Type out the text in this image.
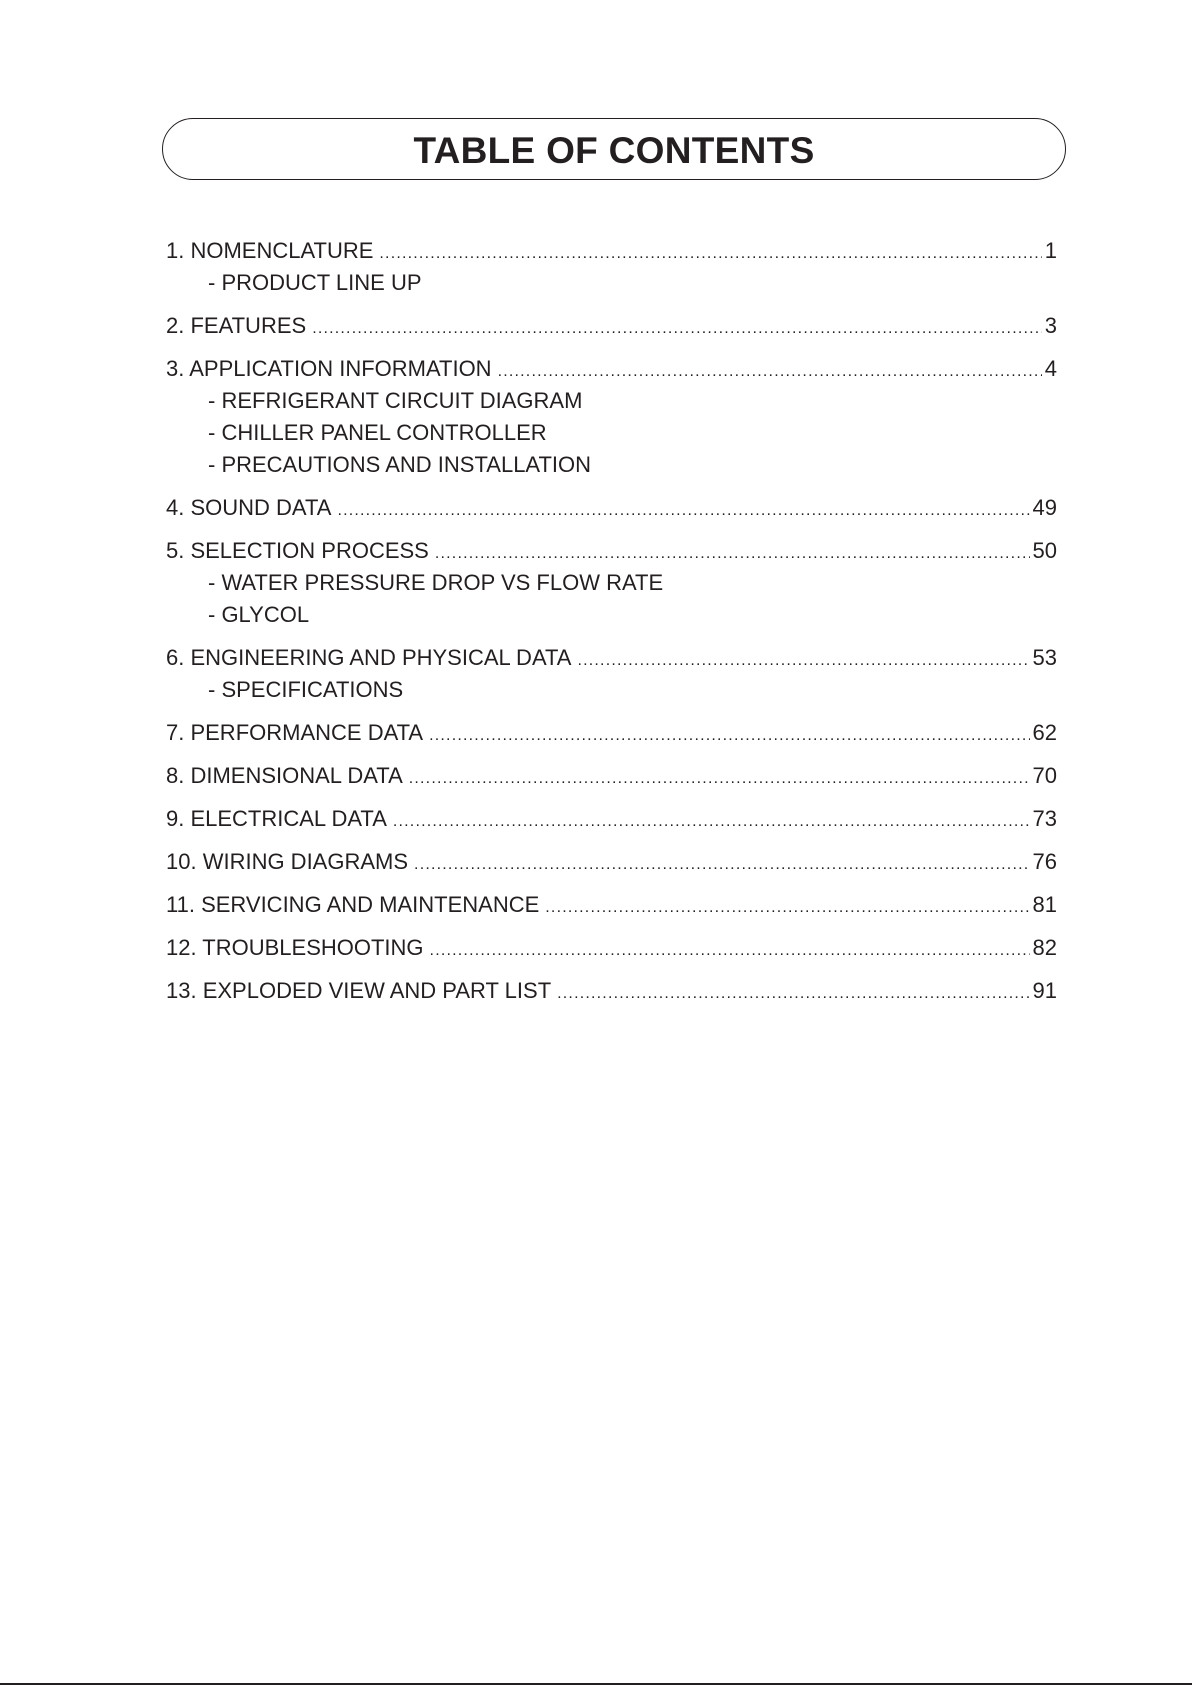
TABLE OF CONTENTS
1. NOMENCLATURE .....	1
- PRODUCT LINE UP
2. FEATURES .....	3
3. APPLICATION INFORMATION .....	4
- REFRIGERANT CIRCUIT DIAGRAM
- CHILLER PANEL CONTROLLER
- PRECAUTIONS AND INSTALLATION
4. SOUND DATA .....	49
5. SELECTION PROCESS .....	50
- WATER PRESSURE DROP VS FLOW RATE
- GLYCOL
6. ENGINEERING AND PHYSICAL DATA .....	53
- SPECIFICATIONS
7. PERFORMANCE DATA .....	62
8. DIMENSIONAL DATA .....	70
9. ELECTRICAL DATA .....	73
10. WIRING DIAGRAMS .....	76
11. SERVICING AND MAINTENANCE .....	81
12. TROUBLESHOOTING .....	82
13. EXPLODED VIEW AND PART LIST .....	91
